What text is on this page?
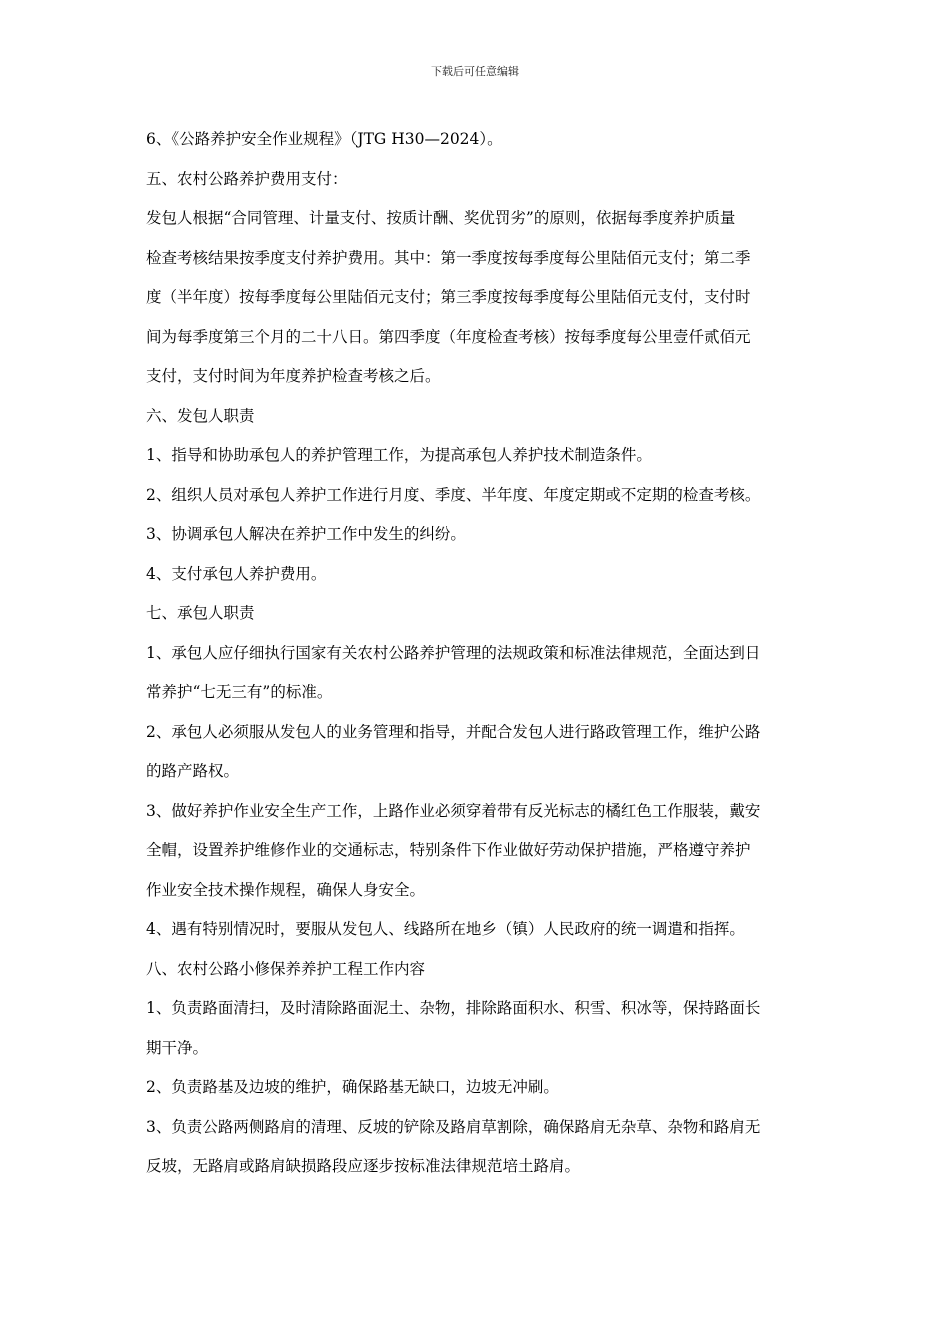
下载后可任意编辑

6、《公路养护安全作业规程》（JTG H30—2024）。

五、农村公路养护费用支付：

发包人根据“合同管理、计量支付、按质计酬、奖优罚劣”的原则，依据每季度养护质量

检查考核结果按季度支付养护费用。其中：第一季度按每季度每公里陆佰元支付；第二季

度（半年度）按每季度每公里陆佰元支付；第三季度按每季度每公里陆佰元支付，支付时

间为每季度第三个月的二十八日。第四季度（年度检查考核）按每季度每公里壹仟贰佰元

支付，支付时间为年度养护检查考核之后。

六、发包人职责

1、指导和协助承包人的养护管理工作，为提高承包人养护技术制造条件。

2、组织人员对承包人养护工作进行月度、季度、半年度、年度定期或不定期的检查考核。

3、协调承包人解决在养护工作中发生的纠纷。

4、支付承包人养护费用。

七、承包人职责

1、承包人应仔细执行国家有关农村公路养护管理的法规政策和标准法律规范，全面达到日

常养护“七无三有”的标准。

2、承包人必须服从发包人的业务管理和指导，并配合发包人进行路政管理工作，维护公路

的路产路权。

3、做好养护作业安全生产工作，上路作业必须穿着带有反光标志的橘红色工作服装，戴安

全帽，设置养护维修作业的交通标志，特别条件下作业做好劳动保护措施，严格遵守养护

作业安全技术操作规程，确保人身安全。

4、遇有特别情况时，要服从发包人、线路所在地乡（镇）人民政府的统一调遣和指挥。

八、农村公路小修保养养护工程工作内容

1、负责路面清扫，及时清除路面泥土、杂物，排除路面积水、积雪、积冰等，保持路面长

期干净。

2、负责路基及边坡的维护，确保路基无缺口，边坡无冲刷。

3、负责公路两侧路肩的清理、反坡的铲除及路肩草割除，确保路肩无杂草、杂物和路肩无

反坡，无路肩或路肩缺损路段应逐步按标准法律规范培土路肩。
